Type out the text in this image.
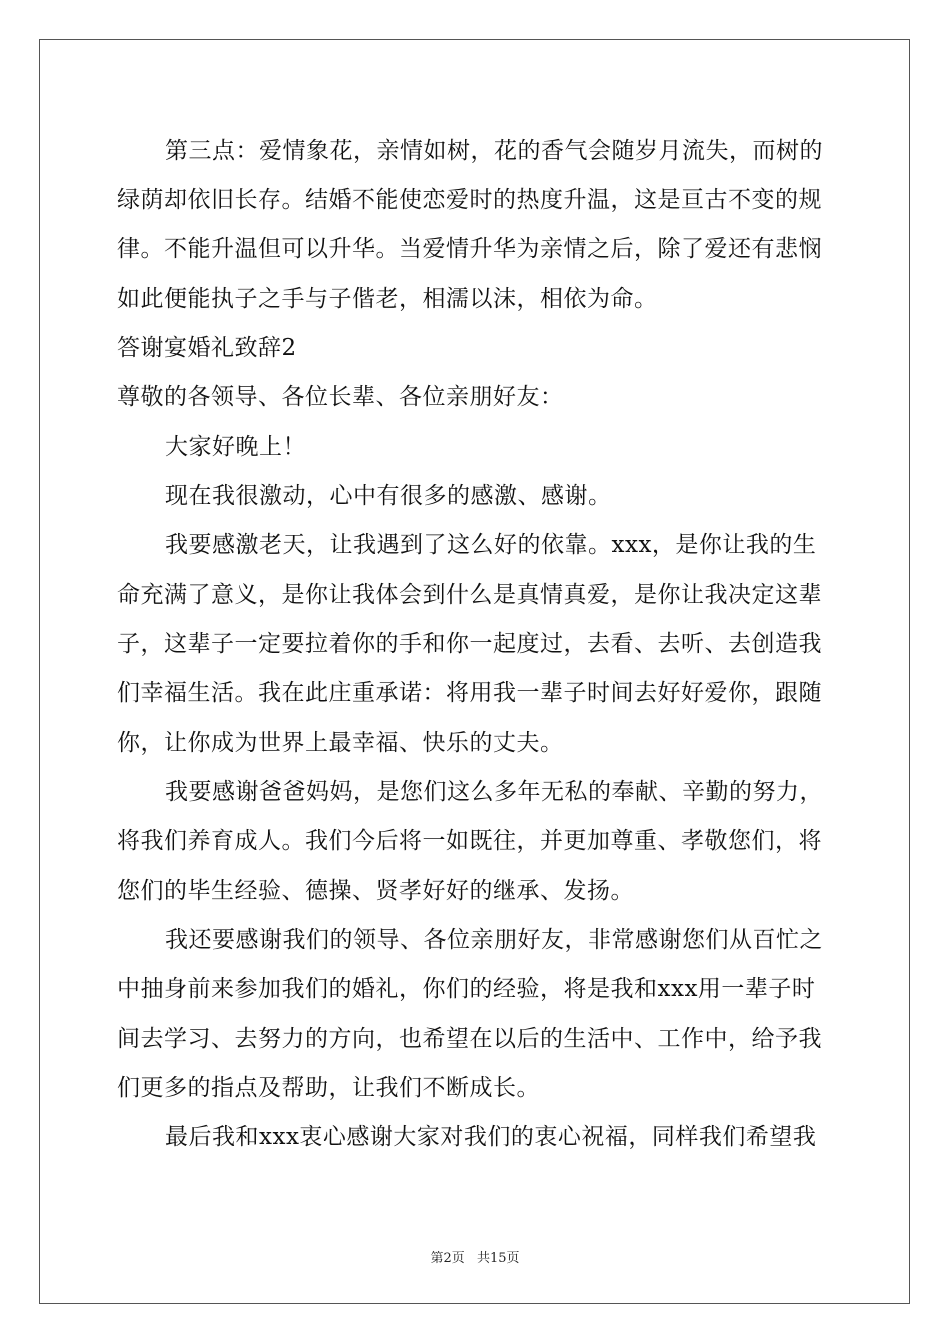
第三点：爱情象花，亲情如树，花的香气会随岁月流失，而树的
绿荫却依旧长存。结婚不能使恋爱时的热度升温，这是亘古不变的规
律。不能升温但可以升华。当爱情升华为亲情之后，除了爱还有悲悯
如此便能执子之手与子偕老，相濡以沫，相依为命。
答谢宴婚礼致辞2
尊敬的各领导、各位长辈、各位亲朋好友：
大家好晚上！
现在我很激动，心中有很多的感激、感谢。
我要感激老天，让我遇到了这么好的依靠。xxx，是你让我的生
命充满了意义，是你让我体会到什么是真情真爱，是你让我决定这辈
子，这辈子一定要拉着你的手和你一起度过，去看、去听、去创造我
们幸福生活。我在此庄重承诺：将用我一辈子时间去好好爱你，跟随
你，让你成为世界上最幸福、快乐的丈夫。
我要感谢爸爸妈妈，是您们这么多年无私的奉献、辛勤的努力，
将我们养育成人。我们今后将一如既往，并更加尊重、孝敬您们，将
您们的毕生经验、德操、贤孝好好的继承、发扬。
我还要感谢我们的领导、各位亲朋好友，非常感谢您们从百忙之
中抽身前来参加我们的婚礼，你们的经验，将是我和xxx用一辈子时
间去学习、去努力的方向，也希望在以后的生活中、工作中，给予我
们更多的指点及帮助，让我们不断成长。
最后我和xxx衷心感谢大家对我们的衷心祝福，同样我们希望我
第2页 共15页
